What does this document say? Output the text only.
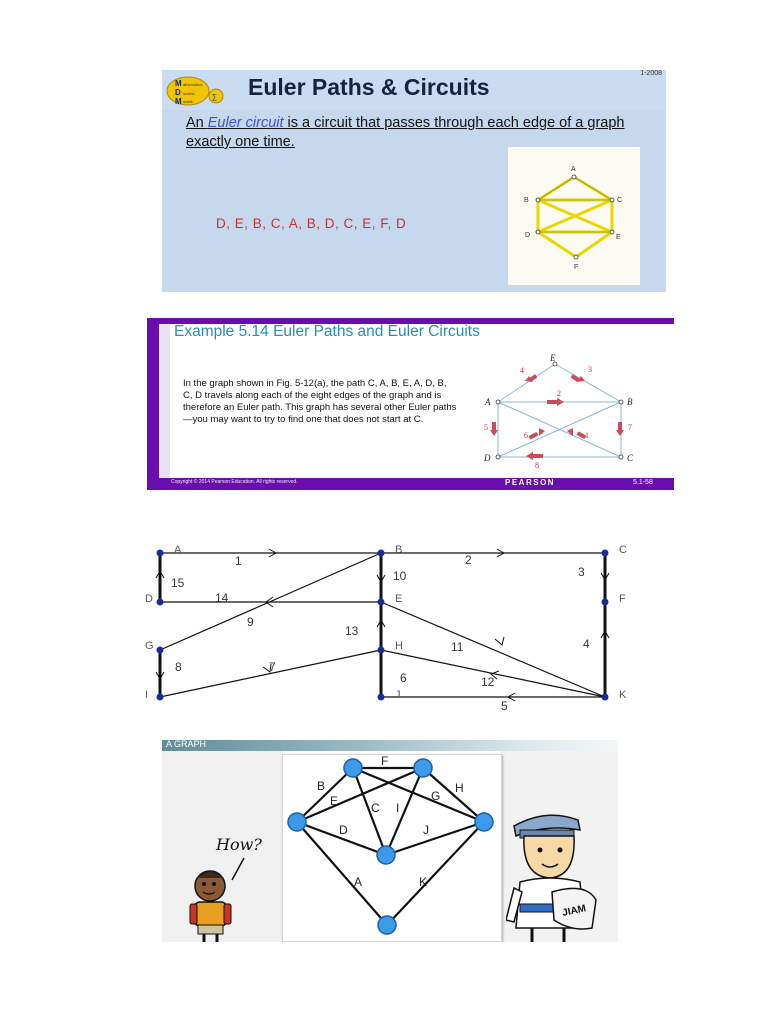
M
D
M
athematics
iscrete
odels
∑ Euler Paths & Circuits
1-2008
An Euler circuit is a circuit that passes through each edge of a graph exactly one time.
D, E, B, C, A, B, D, C, E, F, D
A
B	C
D	E
F
Example 5.14 Euler Paths and Euler Circuits
In the graph shown in Fig. 5-12(a), the path C, A, B, E, A, D, B, C, D travels along each of the eight edges of the graph and is therefore an Euler path. This graph has several other Euler paths—you may want to try to find one that does not start at C.
E
A	B
D	C
1
2
3
4
5
6
7
8
Copyright © 2014 Pearson Education. All rights reserved.	PEARSON	5.1-58
A	B	C
D	E	F
G	H
I	J	K
1	2
3
4
5
6
7
8
9
10
11
12
13
14
15
A GRAPH
A
B
C
D
E
F
G
H
I
J
K
How?
JIAM
